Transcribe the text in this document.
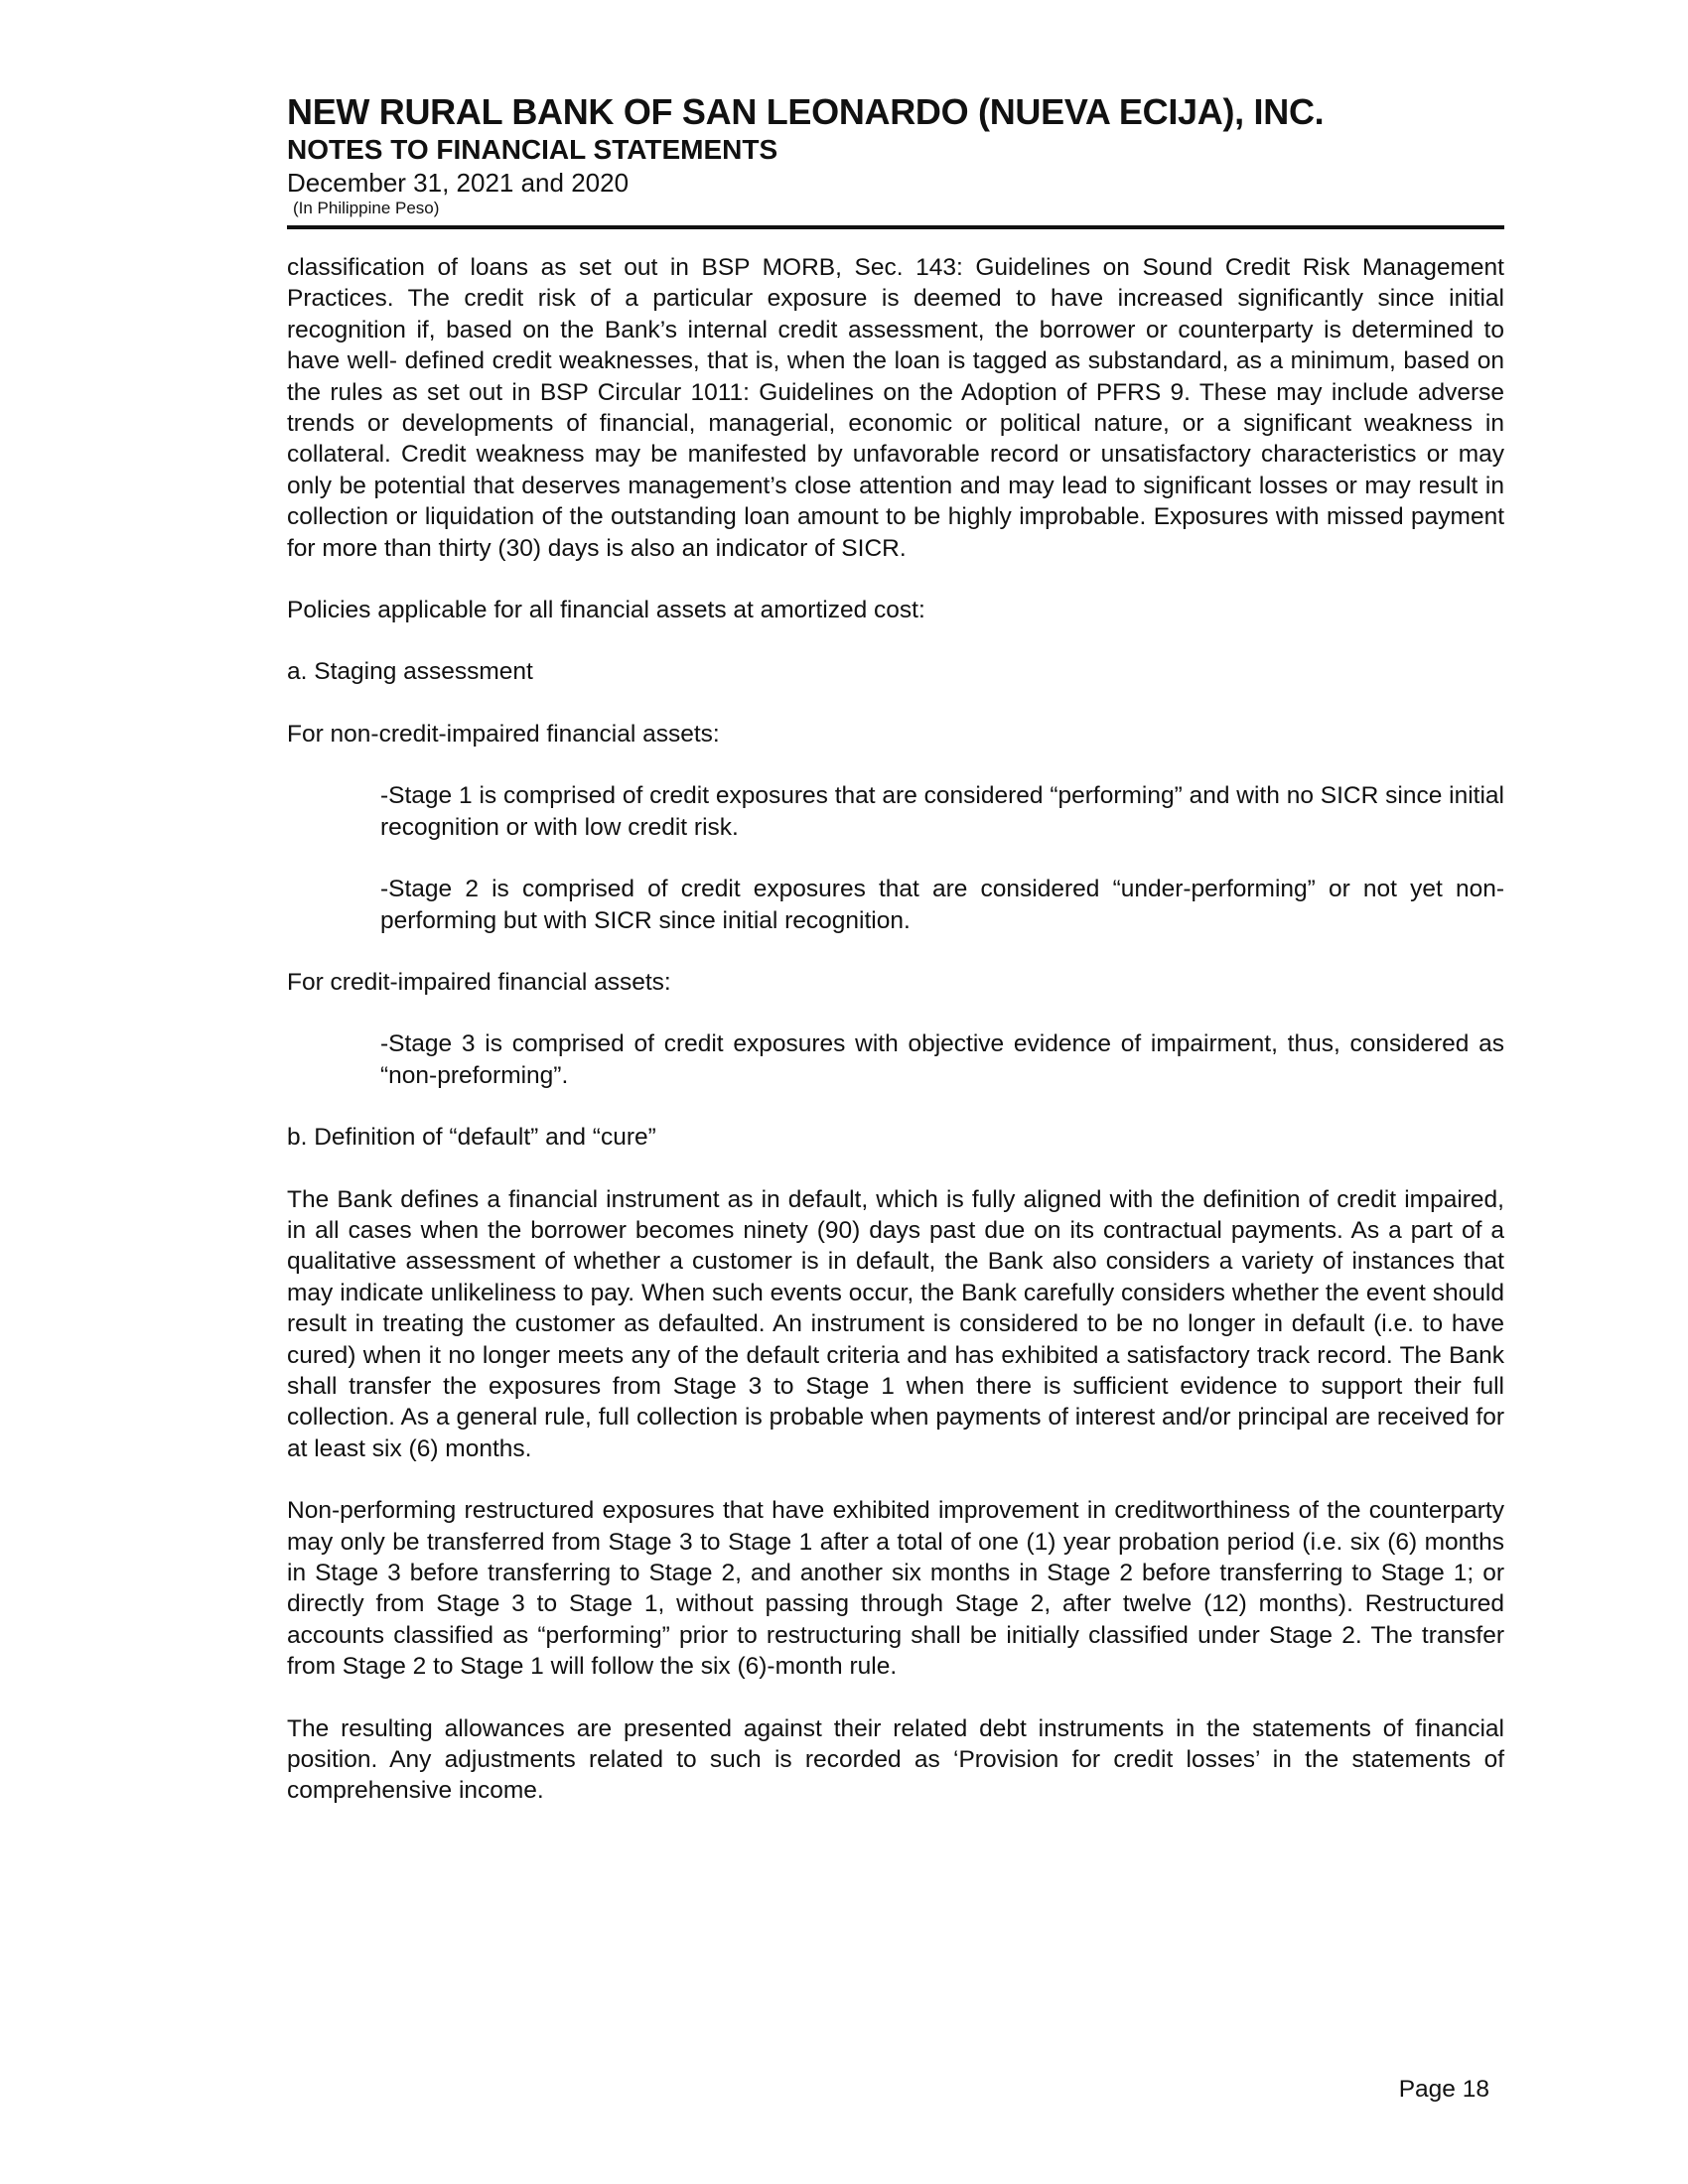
NEW RURAL BANK OF SAN LEONARDO (NUEVA ECIJA), INC.
NOTES TO FINANCIAL STATEMENTS
December 31, 2021 and 2020
(In Philippine Peso)

classification of loans as set out in BSP MORB, Sec. 143: Guidelines on Sound Credit Risk Management Practices. The credit risk of a particular exposure is deemed to have increased significantly since initial recognition if, based on the Bank’s internal credit assessment, the borrower or counterparty is determined to have well- defined credit weaknesses, that is, when the loan is tagged as substandard, as a minimum, based on the rules as set out in BSP Circular 1011: Guidelines on the Adoption of PFRS 9. These may include adverse trends or developments of financial, managerial, economic or political nature, or a significant weakness in collateral. Credit weakness may be manifested by unfavorable record or unsatisfactory characteristics or may only be potential that deserves management’s close attention and may lead to significant losses or may result in collection or liquidation of the outstanding loan amount to be highly improbable. Exposures with missed payment for more than thirty (30) days is also an indicator of SICR.

Policies applicable for all financial assets at amortized cost:

a. Staging assessment

For non-credit-impaired financial assets:

-Stage 1 is comprised of credit exposures that are considered “performing” and with no SICR since initial recognition or with low credit risk.

-Stage 2 is comprised of credit exposures that are considered “under-performing” or not yet non-performing but with SICR since initial recognition.

For credit-impaired financial assets:

-Stage 3 is comprised of credit exposures with objective evidence of impairment, thus, considered as “non-preforming”.

b. Definition of “default” and “cure”

The Bank defines a financial instrument as in default, which is fully aligned with the definition of credit impaired, in all cases when the borrower becomes ninety (90) days past due on its contractual payments. As a part of a qualitative assessment of whether a customer is in default, the Bank also considers a variety of instances that may indicate unlikeliness to pay. When such events occur, the Bank carefully considers whether the event should result in treating the customer as defaulted. An instrument is considered to be no longer in default (i.e. to have cured) when it no longer meets any of the default criteria and has exhibited a satisfactory track record. The Bank shall transfer the exposures from Stage 3 to Stage 1 when there is sufficient evidence to support their full collection. As a general rule, full collection is probable when payments of interest and/or principal are received for at least six (6) months.

Non-performing restructured exposures that have exhibited improvement in creditworthiness of the counterparty may only be transferred from Stage 3 to Stage 1 after a total of one (1) year probation period (i.e. six (6) months in Stage 3 before transferring to Stage 2, and another six months in Stage 2 before transferring to Stage 1; or directly from Stage 3 to Stage 1, without passing through Stage 2, after twelve (12) months). Restructured accounts classified as “performing” prior to restructuring shall be initially classified under Stage 2. The transfer from Stage 2 to Stage 1 will follow the six (6)-month rule.

The resulting allowances are presented against their related debt instruments in the statements of financial position. Any adjustments related to such is recorded as ‘Provision for credit losses’ in the statements of comprehensive income.

Page 18
